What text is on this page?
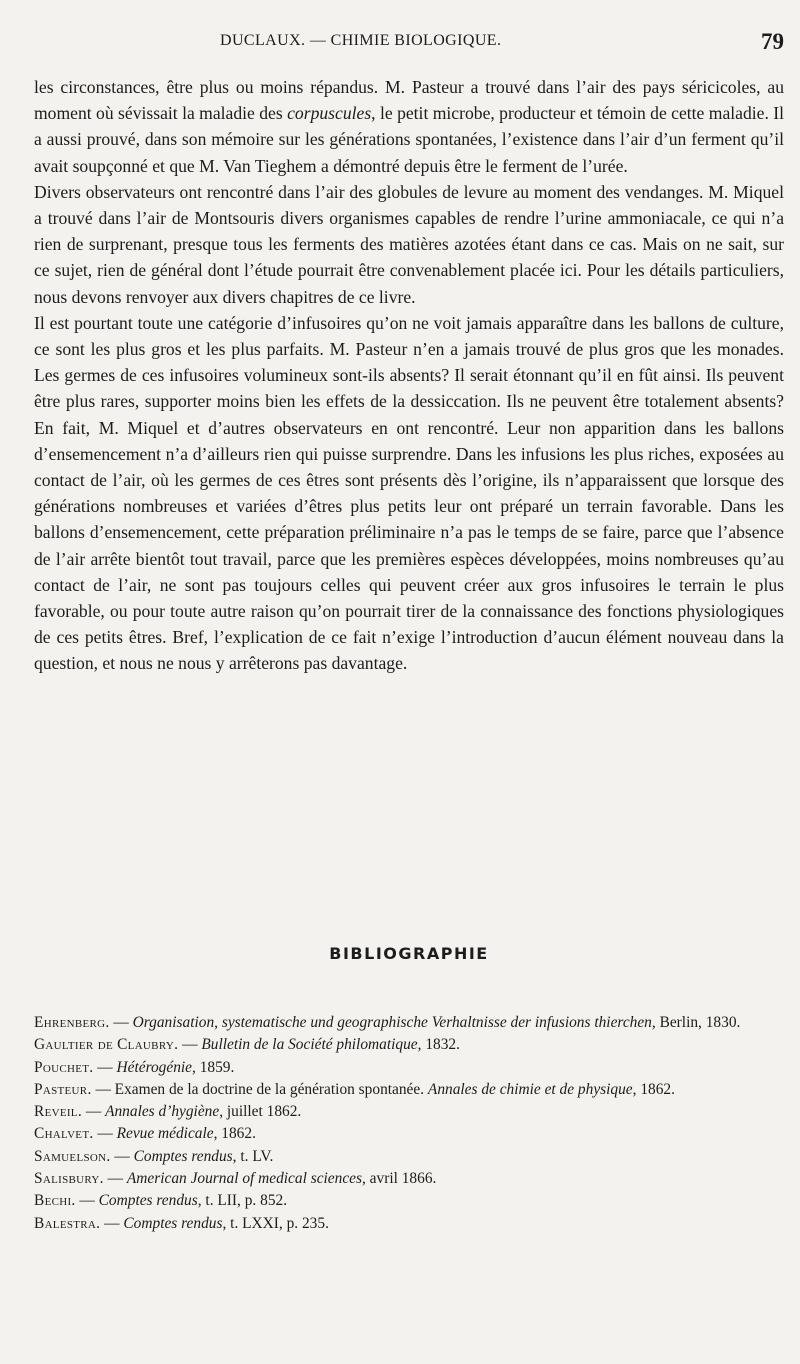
DUCLAUX. — CHIMIE BIOLOGIQUE.	79

les circonstances, être plus ou moins répandus. M. Pasteur a trouvé dans l’air des pays séricicoles, au moment où sévissait la maladie des corpuscules, le petit microbe, producteur et témoin de cette maladie. Il a aussi prouvé, dans son mémoire sur les générations spontanées, l’existence dans l’air d’un ferment qu’il avait soupçonné et que M. Van Tieghem a démontré depuis être le ferment de l’urée.

Divers observateurs ont rencontré dans l’air des globules de levure au moment des vendanges. M. Miquel a trouvé dans l’air de Montsouris divers organismes capables de rendre l’urine ammoniacale, ce qui n’a rien de surprenant, presque tous les ferments des matières azotées étant dans ce cas. Mais on ne sait, sur ce sujet, rien de général dont l’étude pourrait être convenablement placée ici. Pour les détails particuliers, nous devons renvoyer aux divers chapitres de ce livre.

Il est pourtant toute une catégorie d’infusoires qu’on ne voit jamais apparaître dans les ballons de culture, ce sont les plus gros et les plus parfaits. M. Pasteur n’en a jamais trouvé de plus gros que les monades. Les germes de ces infusoires volumineux sont-ils absents? Il serait étonnant qu’il en fût ainsi. Ils peuvent être plus rares, supporter moins bien les effets de la dessiccation. Ils ne peuvent être totalement absents? En fait, M. Miquel et d’autres observateurs en ont rencontré. Leur non apparition dans les ballons d’ensemencement n’a d’ailleurs rien qui puisse surprendre. Dans les infusions les plus riches, exposées au contact de l’air, où les germes de ces êtres sont présents dès l’origine, ils n’apparaissent que lorsque des générations nombreuses et variées d’êtres plus petits leur ont préparé un terrain favorable. Dans les ballons d’ensemencement, cette préparation préliminaire n’a pas le temps de se faire, parce que l’absence de l’air arrête bientôt tout travail, parce que les premières espèces développées, moins nombreuses qu’au contact de l’air, ne sont pas toujours celles qui peuvent créer aux gros infusoires le terrain le plus favorable, ou pour toute autre raison qu’on pourrait tirer de la connaissance des fonctions physiologiques de ces petits êtres. Bref, l’explication de ce fait n’exige l’introduction d’aucun élément nouveau dans la question, et nous ne nous y arrêterons pas davantage.

BIBLIOGRAPHIE

Ehrenberg. — Organisation, systematische und geographische Verhaltnisse der infusions thierchen, Berlin, 1830.

Gaultier de Claubry. — Bulletin de la Société philomatique, 1832.

Pouchet. — Hétérogénie, 1859.

Pasteur. — Examen de la doctrine de la génération spontanée. Annales de chimie et de physique, 1862.

Reveil. — Annales d’hygiène, juillet 1862.

Chalvet. — Revue médicale, 1862.

Samuelson. — Comptes rendus, t. LV.

Salisbury. — American Journal of medical sciences, avril 1866.

Bechi. — Comptes rendus, t. LII, p. 852.

Balestra. — Comptes rendus, t. LXXI, p. 235.
